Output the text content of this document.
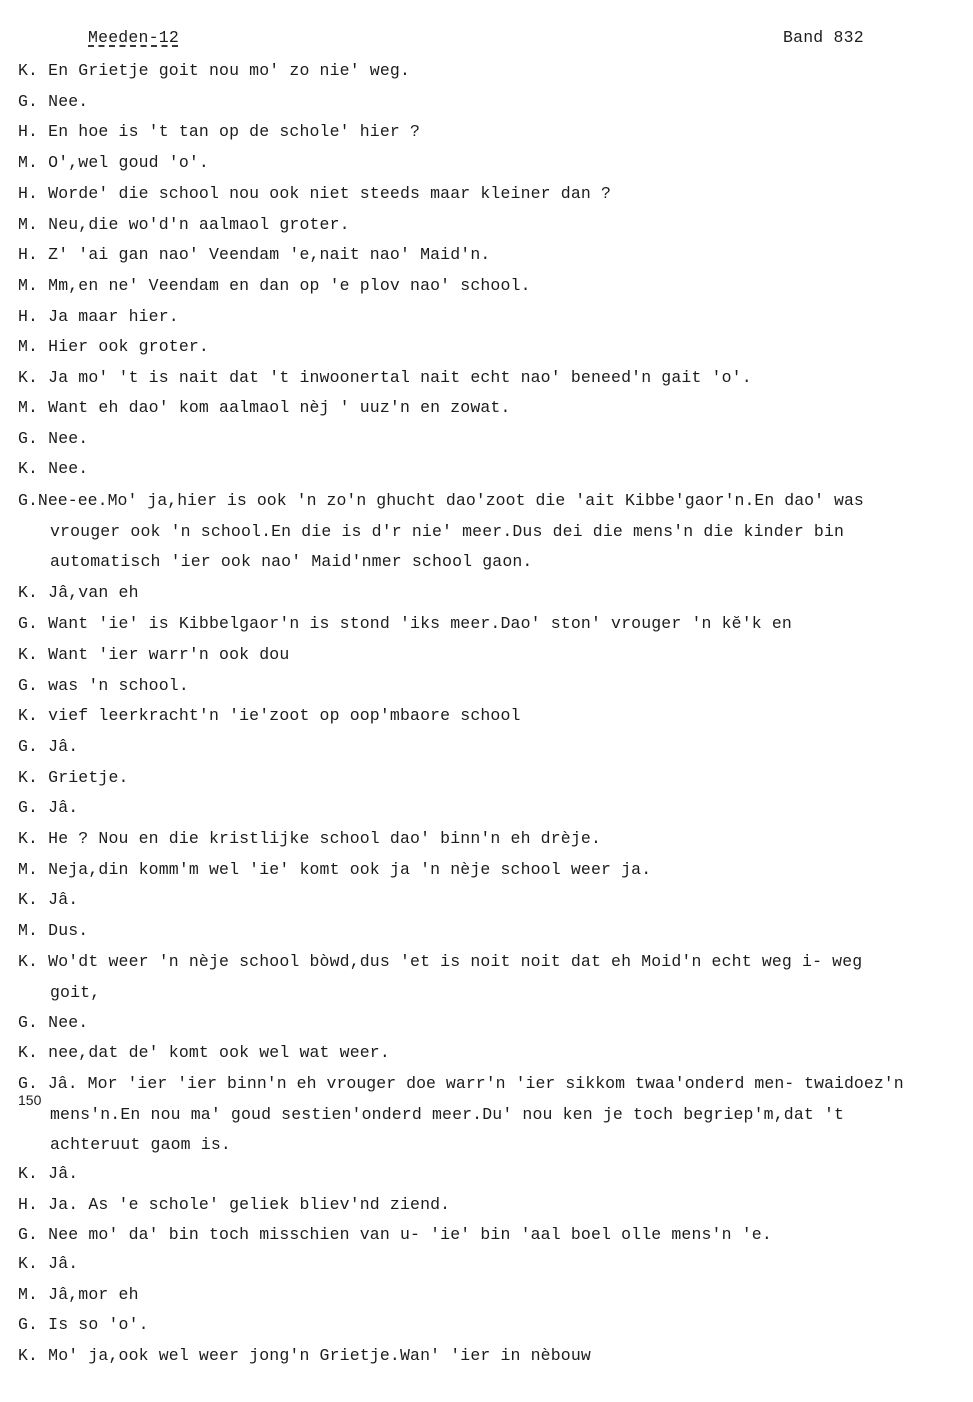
Meeden-12	Band 832
K. En Grietje goit nou mo' zo nie' weg.
G. Nee.
H. En hoe is 't tan op de schole' hier ?
M. O',wel goud 'o'.
H. Worde' die school nou ook niet steeds maar kleiner dan ?
M. Neu,die wo'd'n aalmaol groter.
H. Z' 'ai gan nao' Veendam 'e,nait nao' Maid'n.
M. Mm,en ne' Veendam en dan op 'e plov nao' school.
H. Ja maar hier.
M. Hier ook groter.
K. Ja mo' 't is nait dat 't inwoonertal nait echt nao' beneed'n gait 'o'.
M. Want eh dao' kom aalmaol nèj ' uuz'n en zowat.
G. Nee.
K. Nee.
G.Nee-ee.Mo' ja,hier is ook 'n zo'n ghucht dao'zoot die 'ait Kibbe'gaor'n.En dao' was
vrouger ook 'n school.En die is d'r nie' meer.Dus dei die mens'n die kinder bin
automatisch 'ier ook nao' Maid'nmer school gaon.
K. Jâ,van eh
G. Want 'ie' is Kibbelgaor'n is stond 'iks meer.Dao' ston' vrouger 'n kĕ'k en
K. Want 'ier warr'n ook dou
G. was 'n school.
K. vief leerkracht'n 'ie'zoot op oop'mbaore school
G. Jâ.
K. Grietje.
G. Jâ.
K. He ? Nou en die kristlijke school dao' binn'n eh drèje.
M. Neja,din komm'm wel 'ie' komt ook ja 'n nèje school weer ja.
K. Jâ.
M. Dus.
K. Wo'dt weer 'n nèje school bòwd,dus 'et is noit noit dat eh Moid'n echt weg i- weg
goit,
G. Nee.
K. nee,dat de' komt ook wel wat weer.
G. Jâ. Mor 'ier 'ier binn'n eh vrouger doe warr'n 'ier sikkom twaa'onderd men- twaidoez'n
150
mens'n.En nou ma' goud sestien'onderd meer.Du' nou ken je toch begriep'm,dat 't
achteruut gaom is.
K. Jâ.
H. Ja. As 'e schole' geliek bliev'nd ziend.
G. Nee mo' da' bin toch misschien van u- 'ie' bin 'aal boel olle mens'n 'e.
K. Jâ.
M. Jâ,mor eh
G. Is so 'o'.
K. Mo' ja,ook wel weer jong'n Grietje.Wan' 'ier in nèbouw
